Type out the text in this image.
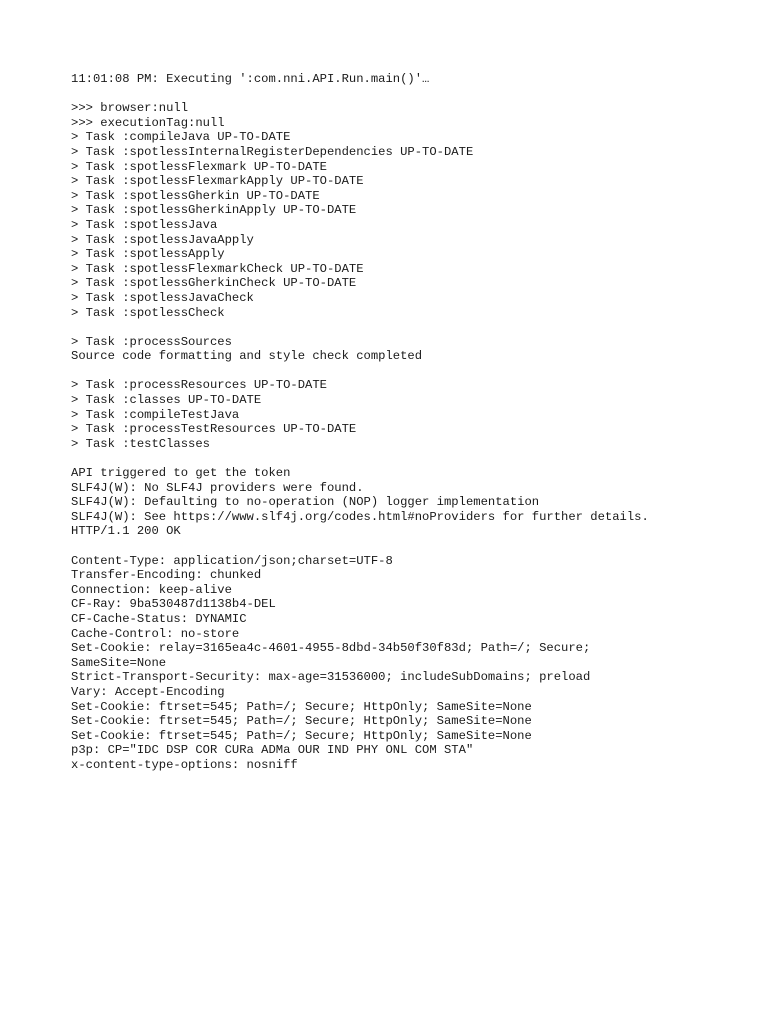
11:01:08 PM: Executing ':com.nni.API.Run.main()'…
>>> browser:null
>>> executionTag:null
> Task :compileJava UP-TO-DATE
> Task :spotlessInternalRegisterDependencies UP-TO-DATE
> Task :spotlessFlexmark UP-TO-DATE
> Task :spotlessFlexmarkApply UP-TO-DATE
> Task :spotlessGherkin UP-TO-DATE
> Task :spotlessGherkinApply UP-TO-DATE
> Task :spotlessJava
> Task :spotlessJavaApply
> Task :spotlessApply
> Task :spotlessFlexmarkCheck UP-TO-DATE
> Task :spotlessGherkinCheck UP-TO-DATE
> Task :spotlessJavaCheck
> Task :spotlessCheck
> Task :processSources
Source code formatting and style check completed
> Task :processResources UP-TO-DATE
> Task :classes UP-TO-DATE
> Task :compileTestJava
> Task :processTestResources UP-TO-DATE
> Task :testClasses
API triggered to get the token
SLF4J(W): No SLF4J providers were found.
SLF4J(W): Defaulting to no-operation (NOP) logger implementation
SLF4J(W): See https://www.slf4j.org/codes.html#noProviders for further details.
HTTP/1.1 200 OK
Content-Type: application/json;charset=UTF-8
Transfer-Encoding: chunked
Connection: keep-alive
CF-Ray: 9ba530487d1138b4-DEL
CF-Cache-Status: DYNAMIC
Cache-Control: no-store
Set-Cookie: relay=3165ea4c-4601-4955-8dbd-34b50f30f83d; Path=/; Secure;
SameSite=None
Strict-Transport-Security: max-age=31536000; includeSubDomains; preload
Vary: Accept-Encoding
Set-Cookie: ftrset=545; Path=/; Secure; HttpOnly; SameSite=None
Set-Cookie: ftrset=545; Path=/; Secure; HttpOnly; SameSite=None
Set-Cookie: ftrset=545; Path=/; Secure; HttpOnly; SameSite=None
p3p: CP="IDC DSP COR CURa ADMa OUR IND PHY ONL COM STA"
x-content-type-options: nosniff
